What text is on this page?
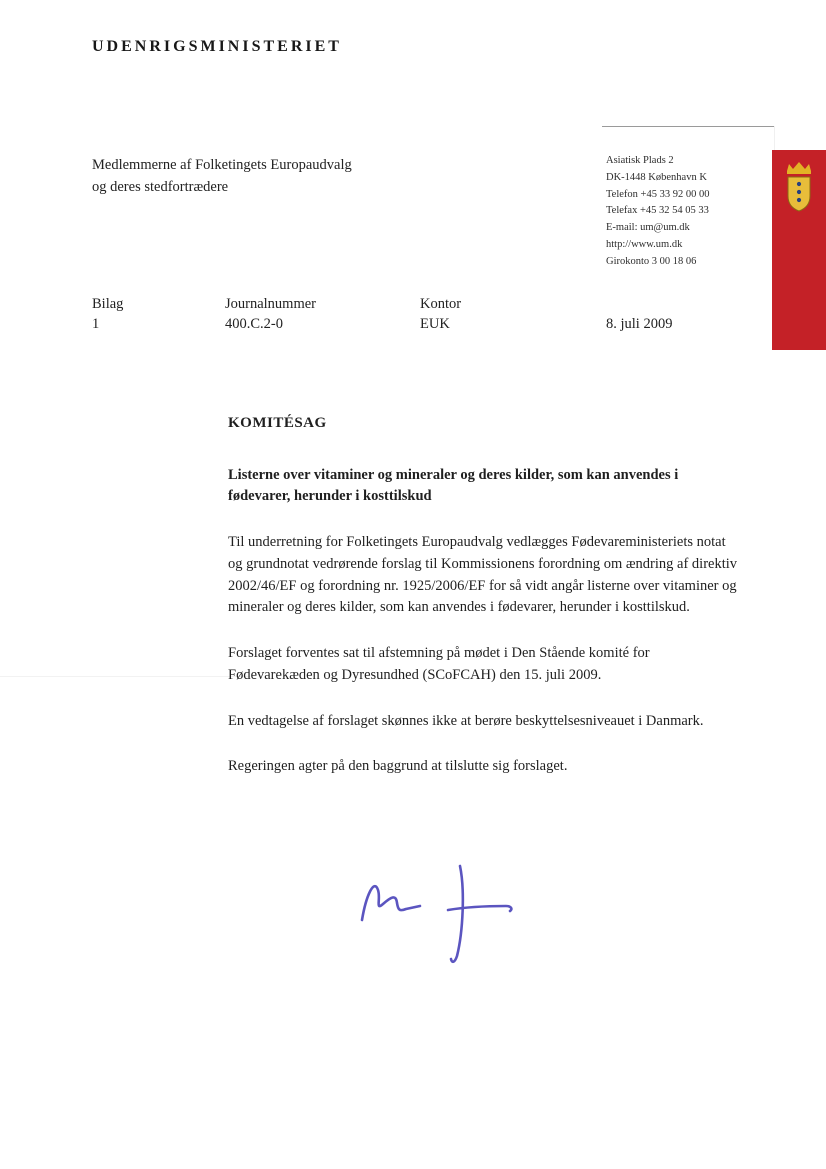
UDENRIGSMINISTERIET
Medlemmerne af Folketingets Europaudvalg
og deres stedfortrædere
Asiatisk Plads 2
DK-1448 København K
Telefon +45 33 92 00 00
Telefax +45 32 54 05 33
E-mail: um@um.dk
http://www.um.dk
Girokonto 3 00 18 06
Bilag
1
Journalnummer
400.C.2-0
Kontor
EUK	8. juli 2009

KOMITÉSAG

Listerne over vitaminer og mineraler og deres kilder, som kan anvendes i fødevarer, herunder i kosttilskud

Til underretning for Folketingets Europaudvalg vedlægges Fødevareministeriets notat og grundnotat vedrørende forslag til Kommissionens forordning om ændring af direktiv 2002/46/EF og forordning nr. 1925/2006/EF for så vidt angår listerne over vitaminer og mineraler og deres kilder, som kan anvendes i fødevarer, herunder i kosttilskud.

Forslaget forventes sat til afstemning på mødet i Den Stående komité for Fødevarekæden og Dyresundhed (SCoFCAH) den 15. juli 2009.

En vedtagelse af forslaget skønnes ikke at berøre beskyttelsesniveauet i Danmark.

Regeringen agter på den baggrund at tilslutte sig forslaget.
